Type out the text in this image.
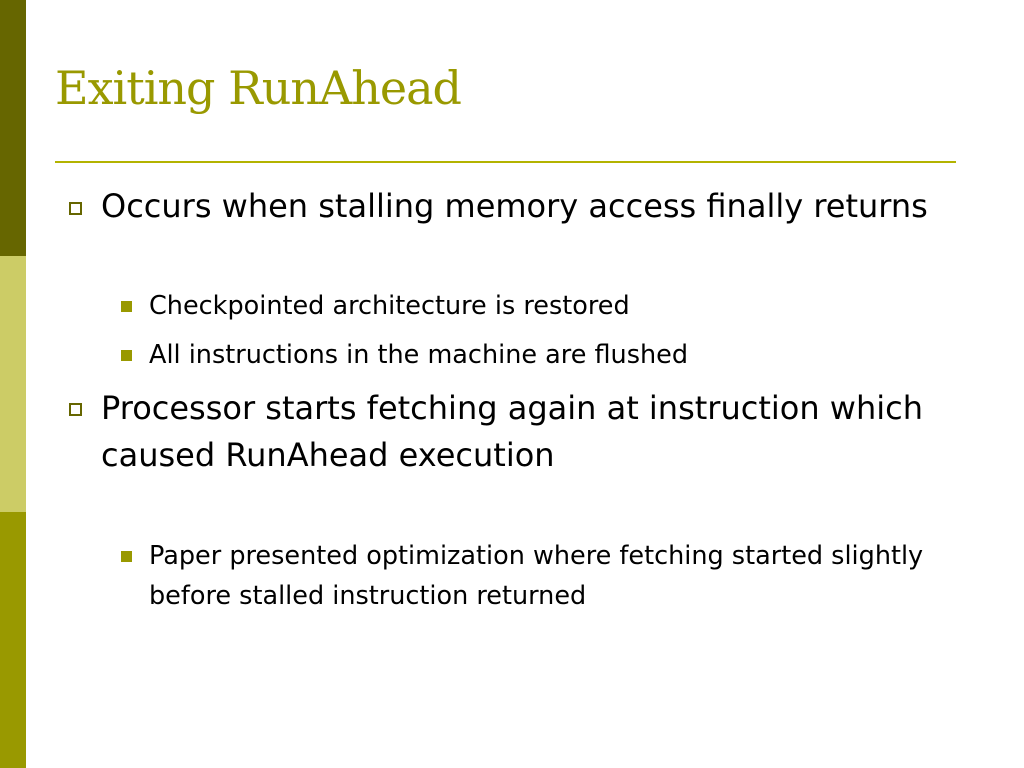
Exiting RunAhead
Occurs when stalling memory access finally returns
Checkpointed architecture is restored
All instructions in the machine are flushed
Processor starts fetching again at instruction which caused RunAhead execution
Paper presented optimization where fetching started slightly before stalled instruction returned
